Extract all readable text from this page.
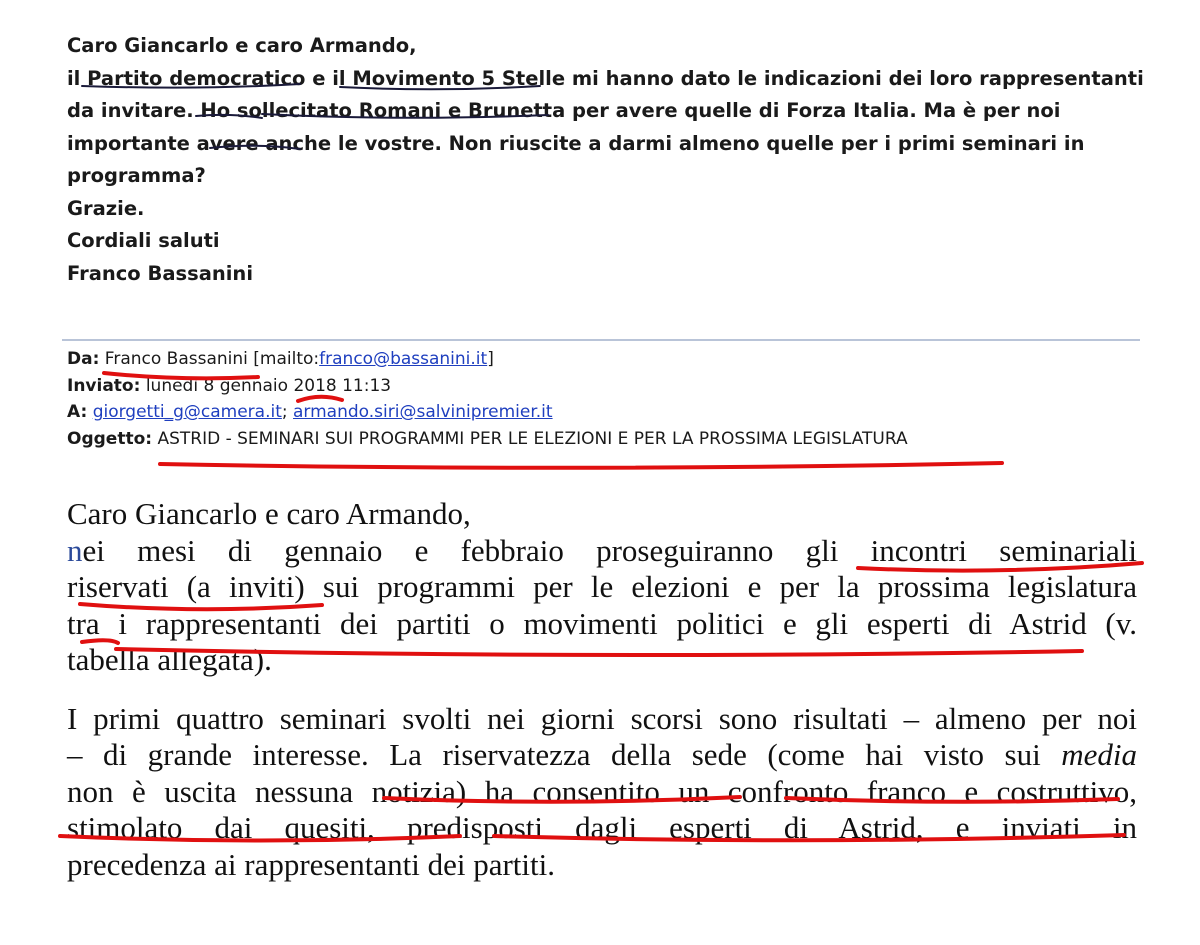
Caro Giancarlo e caro Armando,
il Partito democratico e il Movimento 5 Stelle mi hanno dato le indicazioni dei loro rappresentanti
da invitare. Ho sollecitato Romani e Brunetta per avere quelle di Forza Italia. Ma è per noi
importante avere anche le vostre. Non riuscite a darmi almeno quelle per i primi seminari in
programma?
Grazie.
Cordiali saluti
Franco Bassanini
Da: Franco Bassanini [mailto:franco@bassanini.it]
Inviato: lunedì 8 gennaio 2018 11:13
A: giorgetti_g@camera.it; armando.siri@salvinipremier.it
Oggetto: ASTRID - SEMINARI SUI PROGRAMMI PER LE ELEZIONI E PER LA PROSSIMA LEGISLATURA
Caro Giancarlo e caro Armando,
nei mesi di gennaio e febbraio proseguiranno gli incontri seminariali
riservati (a inviti) sui programmi per le elezioni e per la prossima legislatura
tra i rappresentanti dei partiti o movimenti politici e gli esperti di Astrid (v.
tabella allegata).
I primi quattro seminari svolti nei giorni scorsi sono risultati – almeno per noi
– di grande interesse. La riservatezza della sede (come hai visto sui media
non è uscita nessuna notizia) ha consentito un confronto franco e costruttivo,
stimolato dai quesiti, predisposti dagli esperti di Astrid, e inviati in
precedenza ai rappresentanti dei partiti.
